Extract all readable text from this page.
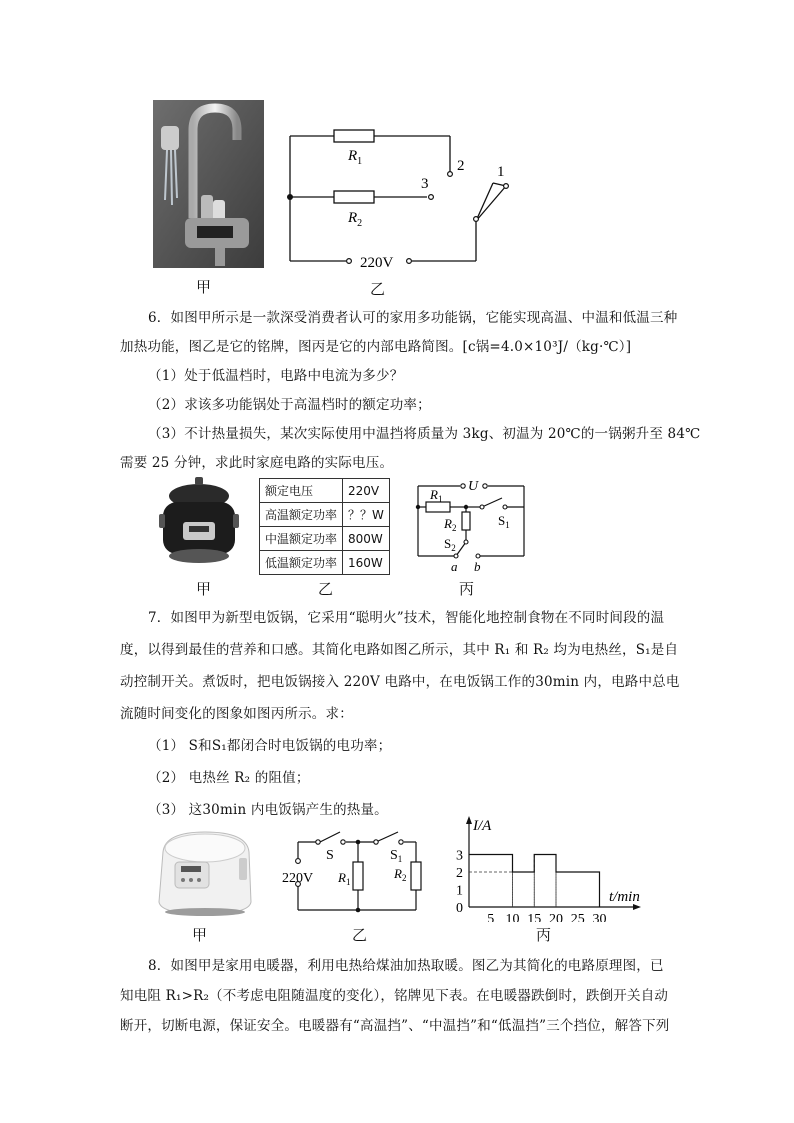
甲
$R_1$
$R_2$
2
3
1
220V
乙
6．如图甲所示是一款深受消费者认可的家用多功能锅，它能实现高温、中温和低温三种
加热功能，图乙是它的铭牌，图丙是它的内部电路简图。[c锅=4.0×10³J/（kg·℃）]
（1）处于低温档时，电路中电流为多少？
（2）求该多功能锅处于高温档时的额定功率；
（3）不计热量损失，某次实际使用中温挡将质量为 3kg、初温为 20℃的一锅粥升至 84℃
需要 25 分钟，求此时家庭电路的实际电压。
甲
额定电压	220V
高温额定功率	？？W
中温额定功率	800W
低温额定功率	160W
乙
U
$R_1$
$R_2$	$S_1$
$S_2$
a b
丙
7．如图甲为新型电饭锅，它采用“聪明火”技术，智能化地控制食物在不同时间段的温
度，以得到最佳的营养和口感。其简化电路如图乙所示，其中 R₁ 和 R₂ 均为电热丝，S₁是自
动控制开关。煮饭时，把电饭锅接入 220V 电路中，在电饭锅工作的30min 内，电路中总电
流随时间变化的图象如图丙所示。求：
（1） S和S₁都闭合时电饭锅的电功率；
（2） 电热丝 R₂ 的阻值；
（3） 这30min 内电饭锅产生的热量。
甲
S	$S_1$
220V $R_1$
$R_2$
乙
5 10 15 20 25 30
0
1
2
3
I/A
t/min
丙
8．如图甲是家用电暖器，利用电热给煤油加热取暖。图乙为其简化的电路原理图，已
知电阻 R₁>R₂（不考虑电阻随温度的变化），铭牌见下表。在电暖器跌倒时，跌倒开关自动
断开，切断电源，保证安全。电暖器有“高温挡”、“中温挡”和“低温挡”三个挡位，解答下列
